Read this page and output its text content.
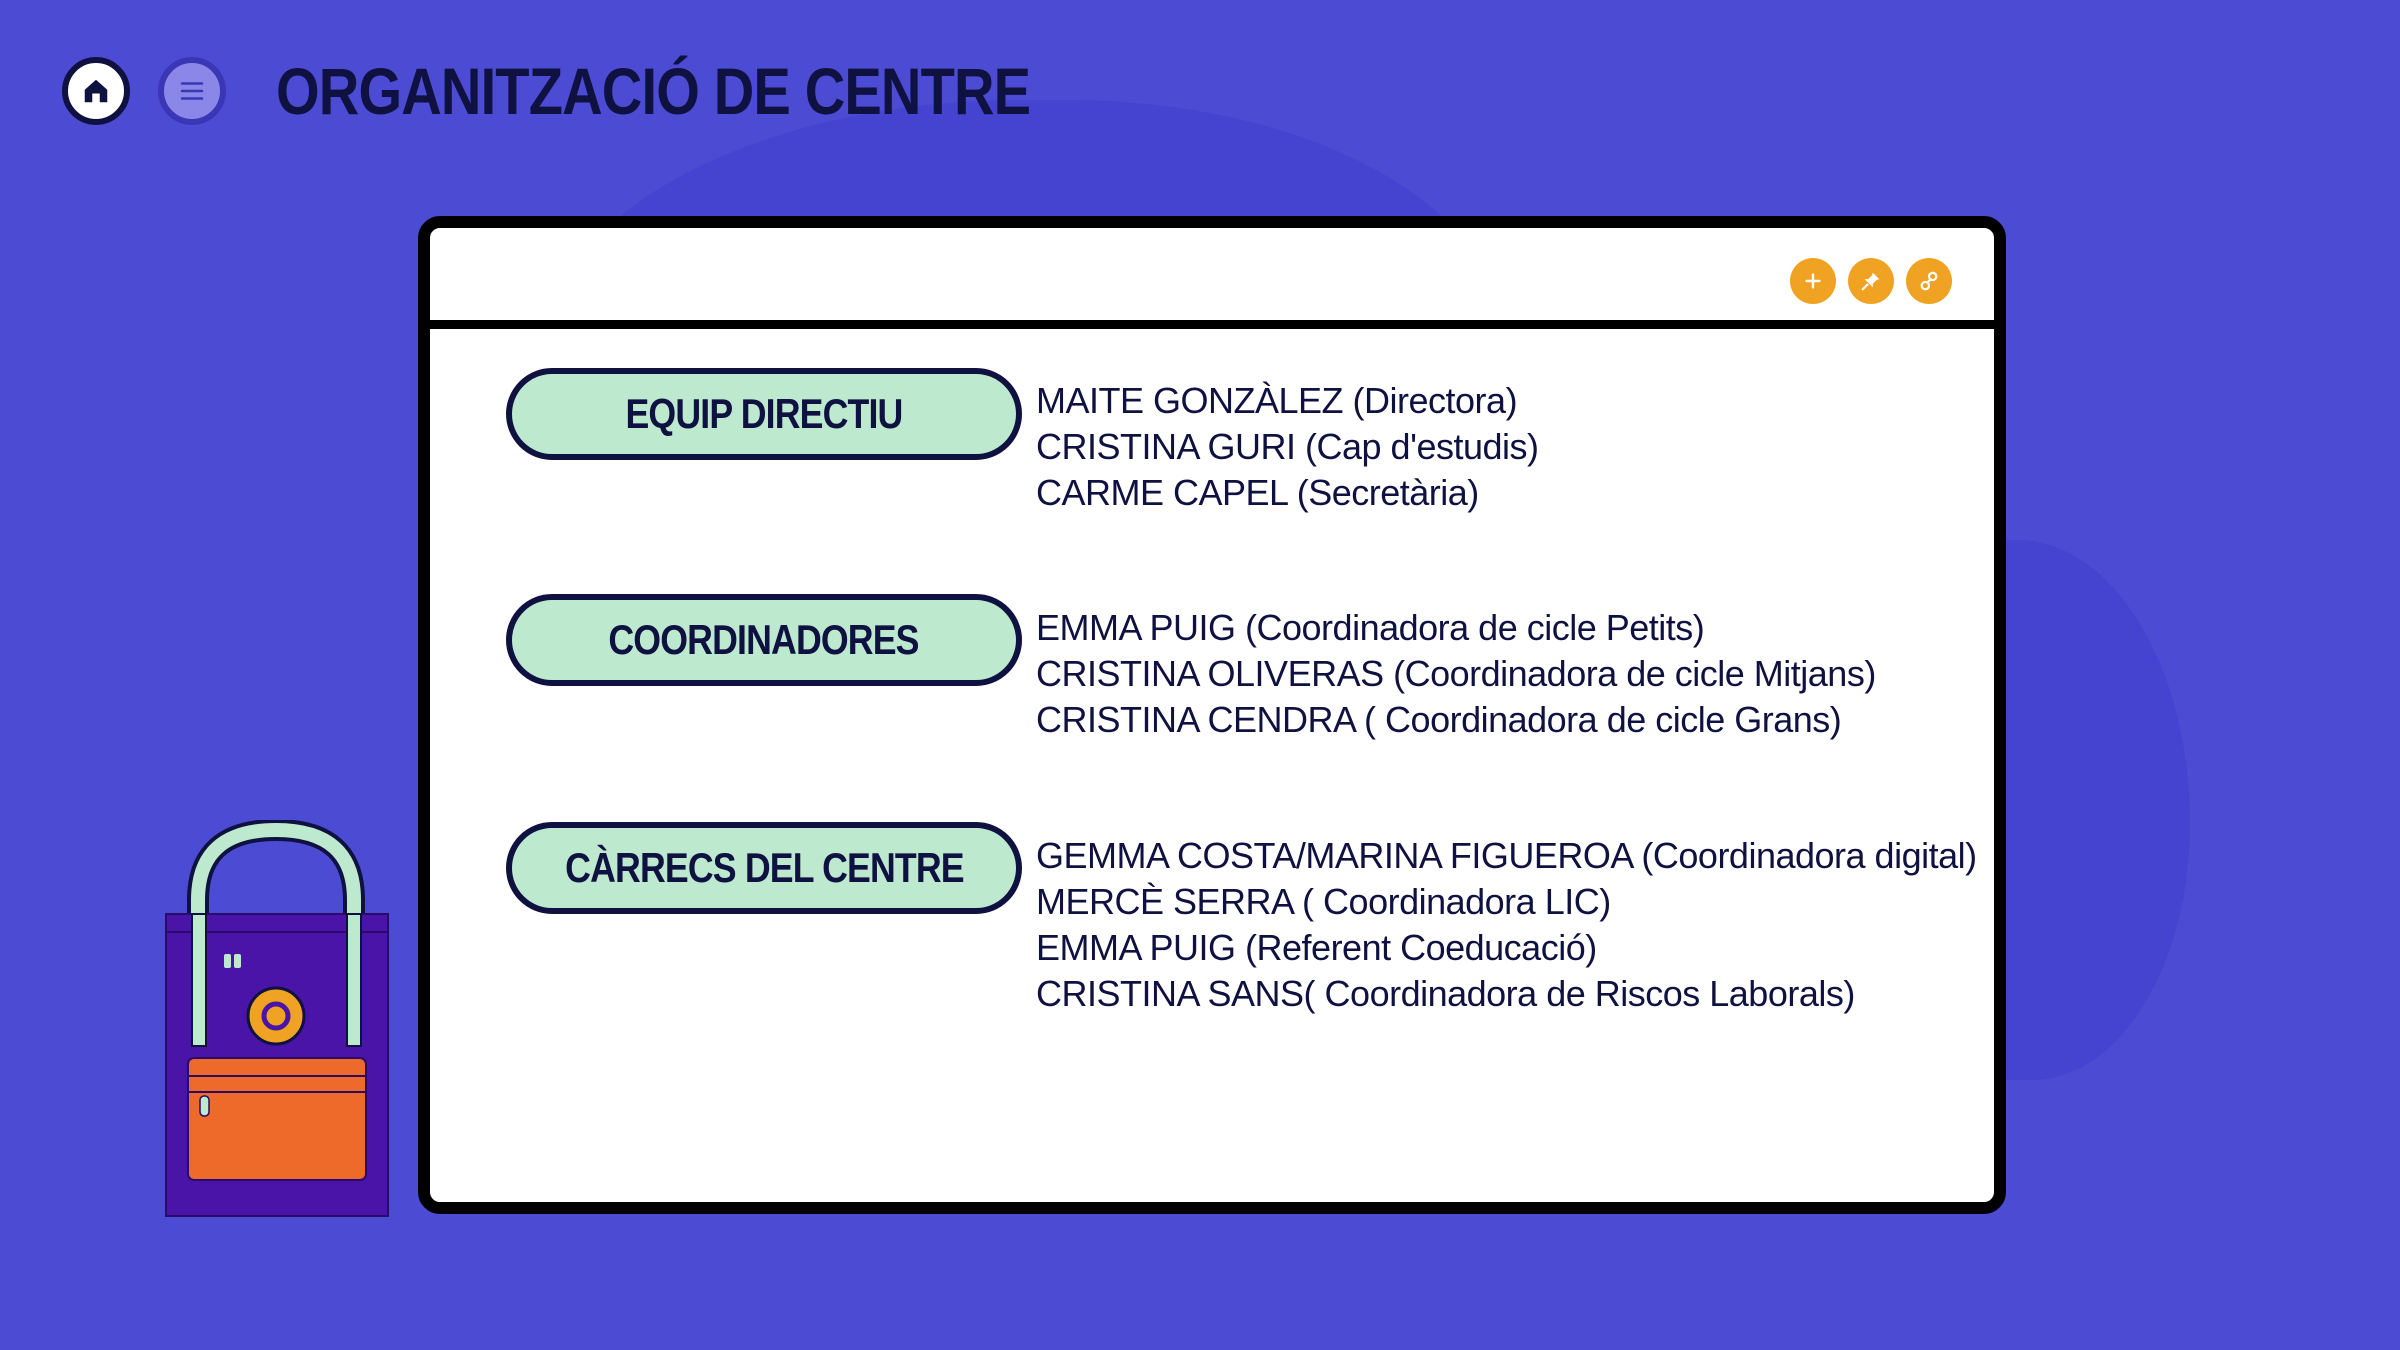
ORGANITZACIÓ DE CENTRE
EQUIP DIRECTIU	MAITE GONZÀLEZ (Directora)
CRISTINA GURI (Cap d'estudis)
CARME CAPEL (Secretària)
COORDINADORES	EMMA PUIG (Coordinadora de cicle Petits)
CRISTINA OLIVERAS (Coordinadora de cicle Mitjans)
CRISTINA CENDRA ( Coordinadora de cicle Grans)
CÀRRECS DEL CENTRE GEMMA COSTA/MARINA FIGUEROA (Coordinadora digital)
MERCÈ SERRA ( Coordinadora LIC)
EMMA PUIG (Referent Coeducació)
CRISTINA SANS( Coordinadora de Riscos Laborals)
